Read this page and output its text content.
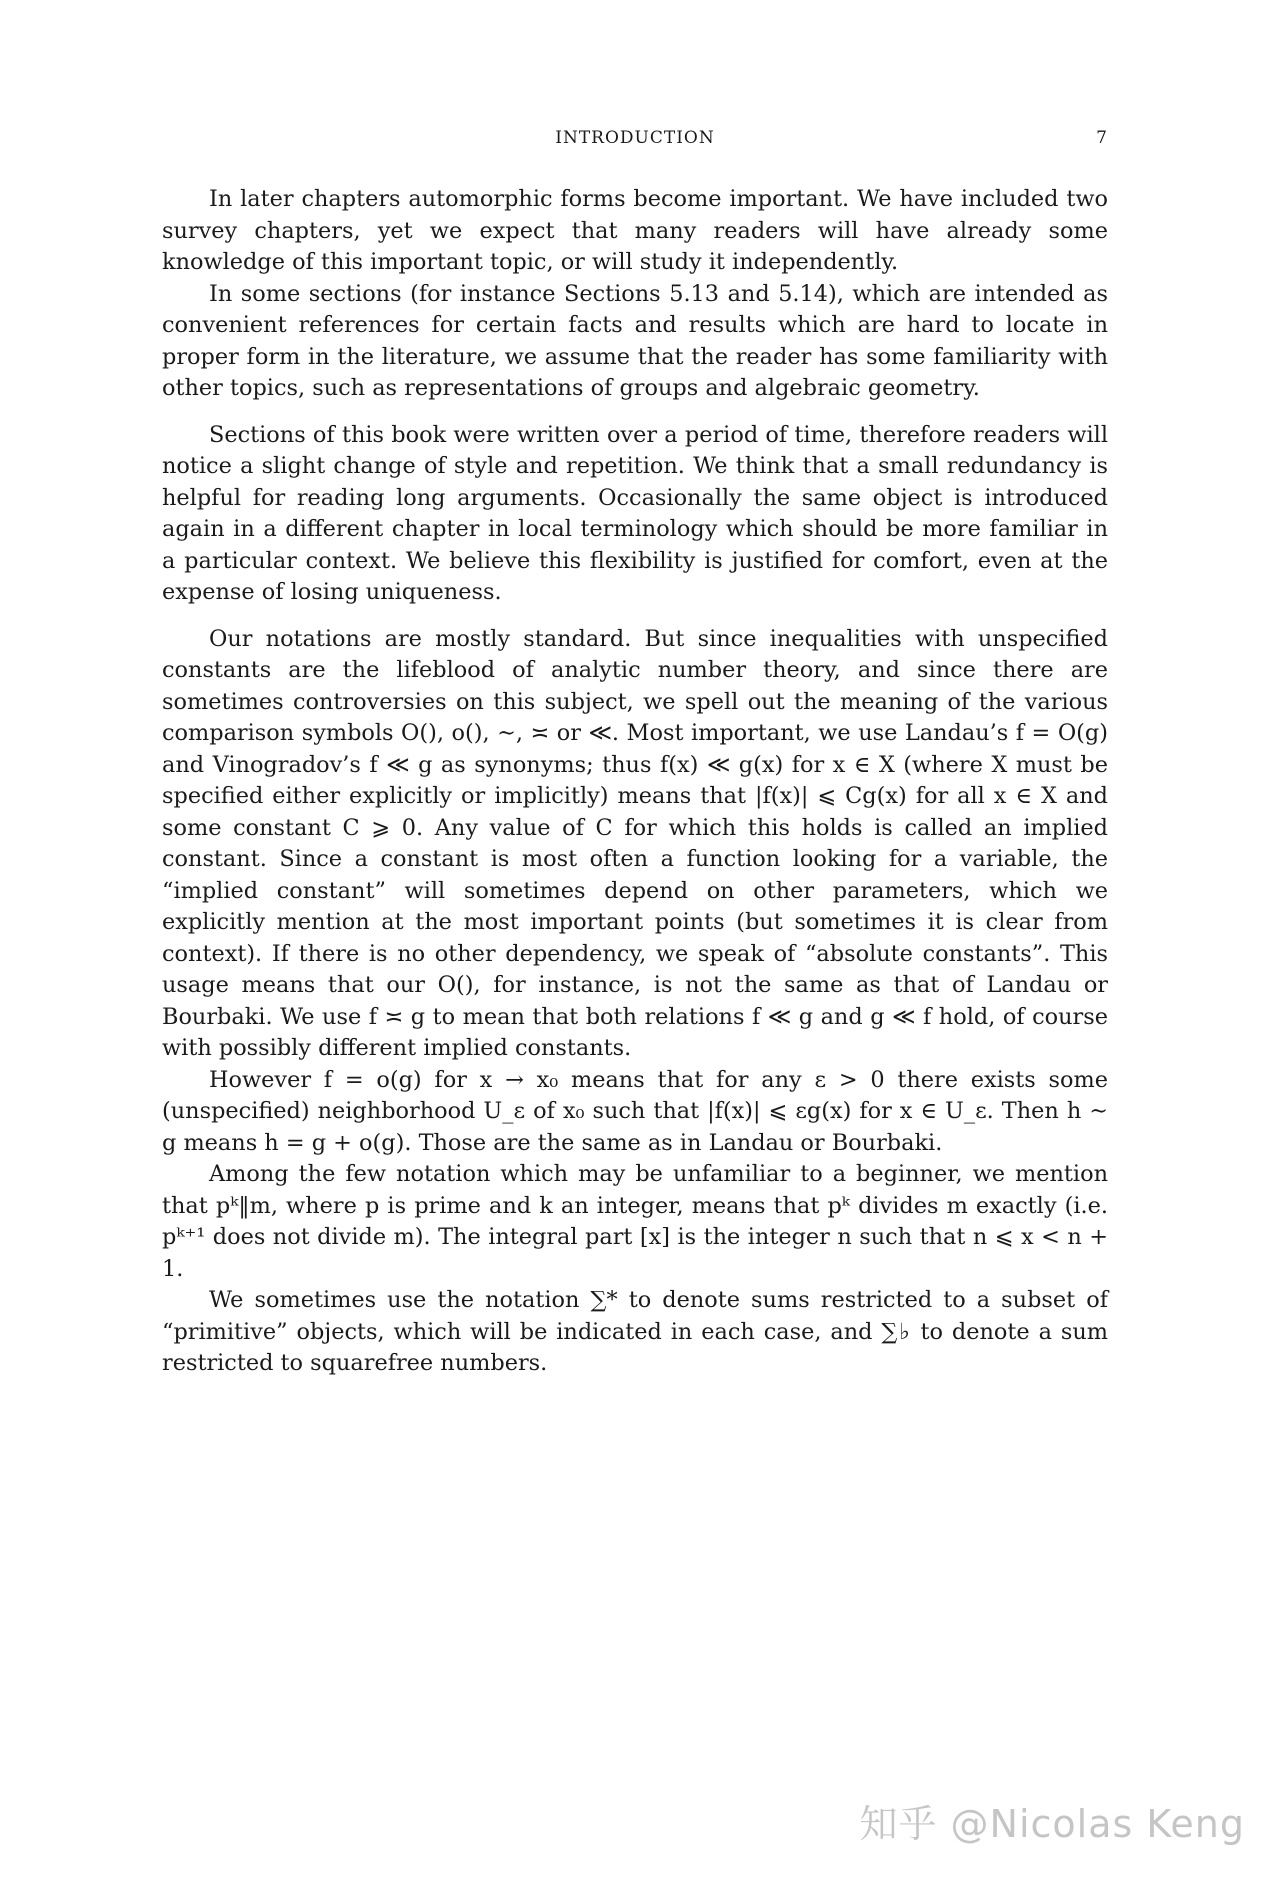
INTRODUCTION	7

In later chapters automorphic forms become important. We have included two survey chapters, yet we expect that many readers will have already some knowledge of this important topic, or will study it independently.

In some sections (for instance Sections 5.13 and 5.14), which are intended as convenient references for certain facts and results which are hard to locate in proper form in the literature, we assume that the reader has some familiarity with other topics, such as representations of groups and algebraic geometry.

Sections of this book were written over a period of time, therefore readers will notice a slight change of style and repetition. We think that a small redundancy is helpful for reading long arguments. Occasionally the same object is introduced again in a different chapter in local terminology which should be more familiar in a particular context. We believe this flexibility is justified for comfort, even at the expense of losing uniqueness.

Our notations are mostly standard. But since inequalities with unspecified constants are the lifeblood of analytic number theory, and since there are sometimes controversies on this subject, we spell out the meaning of the various comparison symbols O(), o(), ∼, ≍ or ≪. Most important, we use Landau’s f = O(g) and Vinogradov’s f ≪ g as synonyms; thus f(x) ≪ g(x) for x ∈ X (where X must be specified either explicitly or implicitly) means that |f(x)| ⩽ Cg(x) for all x ∈ X and some constant C ⩾ 0. Any value of C for which this holds is called an implied constant. Since a constant is most often a function looking for a variable, the “implied constant” will sometimes depend on other parameters, which we explicitly mention at the most important points (but sometimes it is clear from context). If there is no other dependency, we speak of “absolute constants”. This usage means that our O(), for instance, is not the same as that of Landau or Bourbaki. We use f ≍ g to mean that both relations f ≪ g and g ≪ f hold, of course with possibly different implied constants.

However f = o(g) for x → x₀ means that for any ε > 0 there exists some (unspecified) neighborhood U_ε of x₀ such that |f(x)| ⩽ εg(x) for x ∈ U_ε. Then h ∼ g means h = g + o(g). Those are the same as in Landau or Bourbaki.

Among the few notation which may be unfamiliar to a beginner, we mention that pᵏ‖m, where p is prime and k an integer, means that pᵏ divides m exactly (i.e. pᵏ⁺¹ does not divide m). The integral part [x] is the integer n such that n ⩽ x < n + 1.

We sometimes use the notation ∑* to denote sums restricted to a subset of “primitive” objects, which will be indicated in each case, and ∑♭ to denote a sum restricted to squarefree numbers.

知乎 @Nicolas Keng
